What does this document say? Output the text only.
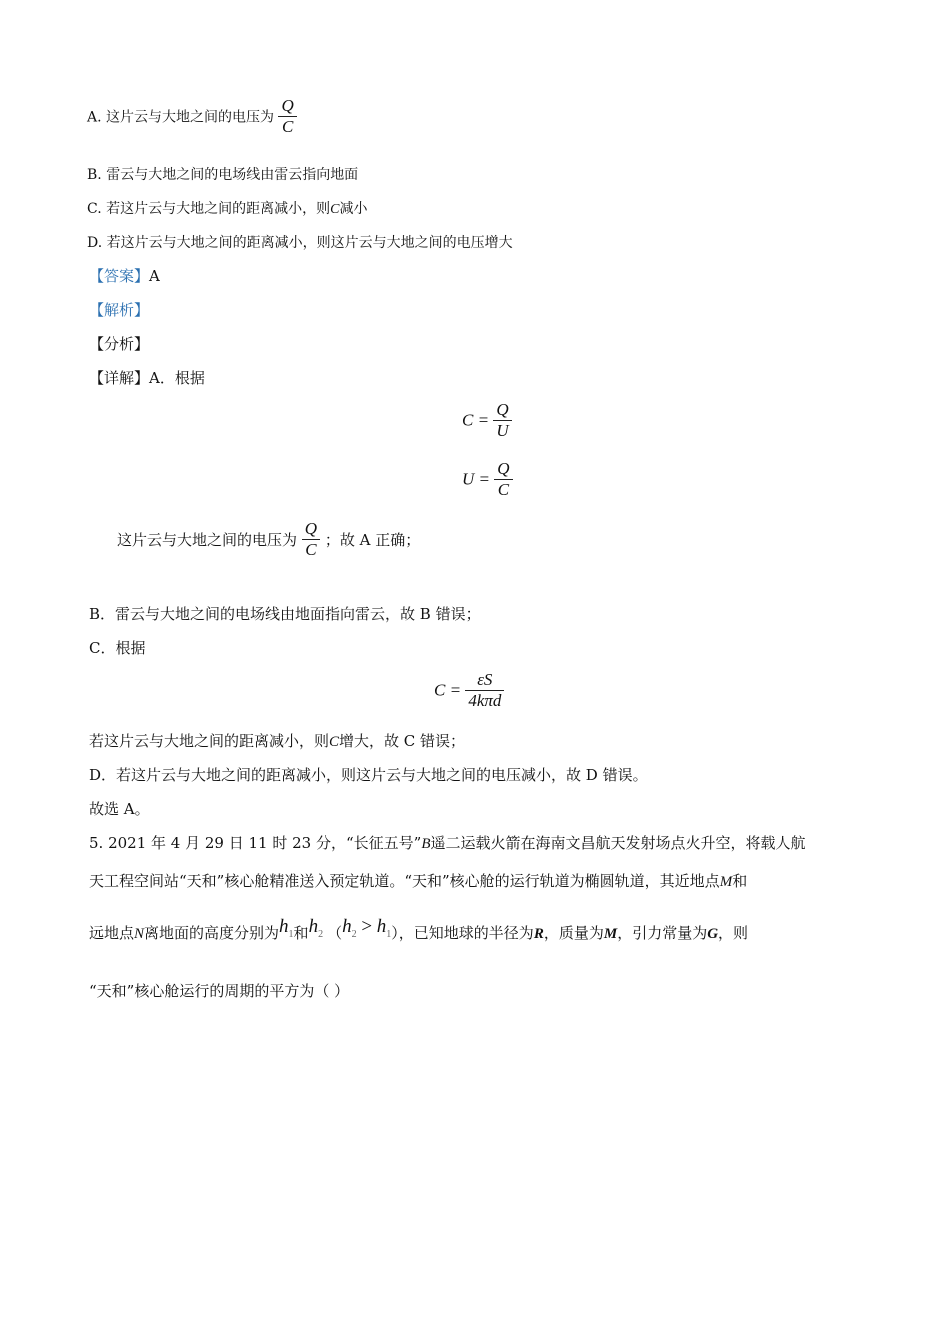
A. 这片云与大地之间的电压为 $\frac{Q}{C}$
B. 雷云与大地之间的电场线由雷云指向地面
C. 若这片云与大地之间的距离减小，则C减小
D. 若这片云与大地之间的距离减小，则这片云与大地之间的电压增大
【答案】A
【解析】
【分析】
【详解】A．根据
$C = \frac{Q}{U}$
$U = \frac{Q}{C}$
这片云与大地之间的电压为 $\frac{Q}{C}$ ；故 A 正确；
B．雷云与大地之间的电场线由地面指向雷云，故 B 错误；
C．根据
$C = \frac{\varepsilon S}{\text{4kπd}}$
若这片云与大地之间的距离减小，则C增大，故 C 错误；
D．若这片云与大地之间的距离减小，则这片云与大地之间的电压减小，故 D 错误。
故选 A。
5. 2021 年 4 月 29 日 11 时 23 分，“长征五号”B遥二运载火箭在海南文昌航天发射场点火升空，将载人航
天工程空间站“天和”核心舱精准送入预定轨道。“天和”核心舱的运行轨道为椭圆轨道，其近地点M和
远地点N离地面的高度分别为$h_1$和$h_2$ $(h_2 > h_1)$，已知地球的半径为R，质量为M，引力常量为G，则
“天和”核心舱运行的周期的平方为（ ）
